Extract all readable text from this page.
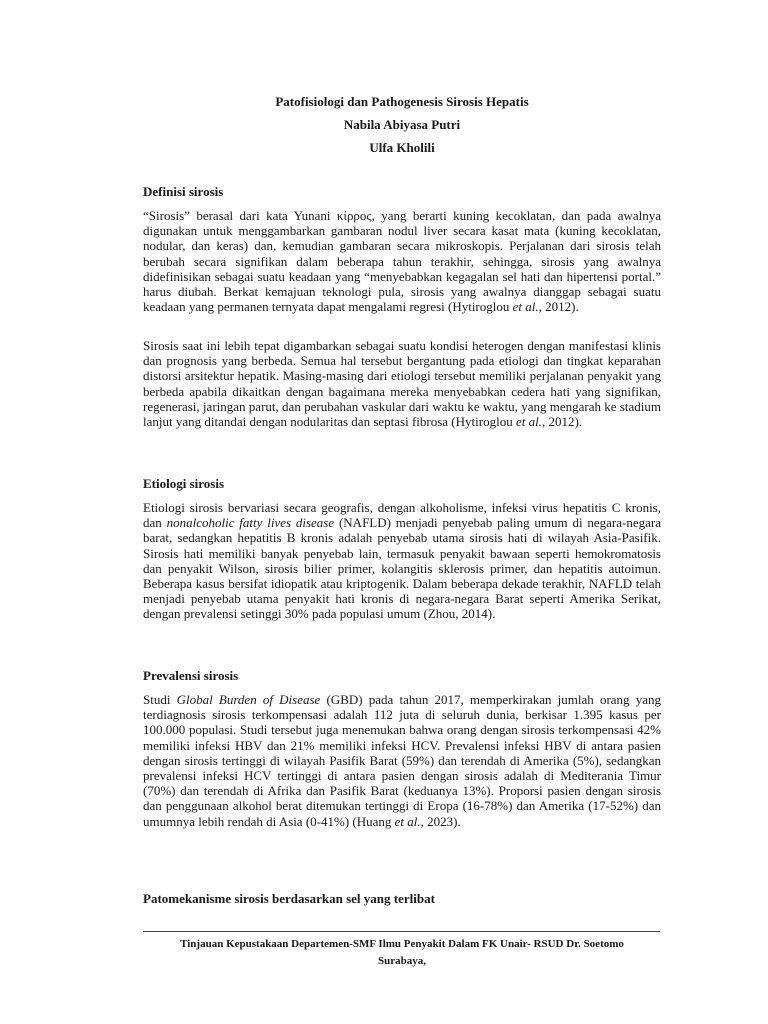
Patofisiologi dan Pathogenesis Sirosis Hepatis
Nabila Abiyasa Putri
Ulfa Kholili
Definisi sirosis

“Sirosis” berasal dari kata Yunani κίρρος, yang berarti kuning kecoklatan, dan pada awalnya digunakan untuk menggambarkan gambaran nodul liver secara kasat mata (kuning kecoklatan, nodular, dan keras) dan, kemudian gambaran secara mikroskopis. Perjalanan dari sirosis telah berubah secara signifikan dalam beberapa tahun terakhir, sehingga, sirosis yang awalnya didefinisikan sebagai suatu keadaan yang “menyebabkan kegagalan sel hati dan hipertensi portal.” harus diubah. Berkat kemajuan teknologi pula, sirosis yang awalnya dianggap sebagai suatu keadaan yang permanen ternyata dapat mengalami regresi (Hytiroglou et al., 2012).

Sirosis saat ini lebih tepat digambarkan sebagai suatu kondisi heterogen dengan manifestasi klinis dan prognosis yang berbeda. Semua hal tersebut bergantung pada etiologi dan tingkat keparahan distorsi arsitektur hepatik. Masing-masing dari etiologi tersebut memiliki perjalanan penyakit yang berbeda apabila dikaitkan dengan bagaimana mereka menyebabkan cedera hati yang signifikan, regenerasi, jaringan parut, dan perubahan vaskular dari waktu ke waktu, yang mengarah ke stadium lanjut yang ditandai dengan nodularitas dan septasi fibrosa (Hytiroglou et al., 2012).

Etiologi sirosis

Etiologi sirosis bervariasi secara geografis, dengan alkoholisme, infeksi virus hepatitis C kronis, dan nonalcoholic fatty lives disease (NAFLD) menjadi penyebab paling umum di negara-negara barat, sedangkan hepatitis B kronis adalah penyebab utama sirosis hati di wilayah Asia-Pasifik. Sirosis hati memiliki banyak penyebab lain, termasuk penyakit bawaan seperti hemokromatosis dan penyakit Wilson, sirosis bilier primer, kolangitis sklerosis primer, dan hepatitis autoimun. Beberapa kasus bersifat idiopatik atau kriptogenik. Dalam beberapa dekade terakhir, NAFLD telah menjadi penyebab utama penyakit hati kronis di negara-negara Barat seperti Amerika Serikat, dengan prevalensi setinggi 30% pada populasi umum (Zhou, 2014).

Prevalensi sirosis

Studi Global Burden of Disease (GBD) pada tahun 2017, memperkirakan jumlah orang yang terdiagnosis sirosis terkompensasi adalah 112 juta di seluruh dunia, berkisar 1.395 kasus per 100.000 populasi. Studi tersebut juga menemukan bahwa orang dengan sirosis terkompensasi 42% memiliki infeksi HBV dan 21% memiliki infeksi HCV. Prevalensi infeksi HBV di antara pasien dengan sirosis tertinggi di wilayah Pasifik Barat (59%) dan terendah di Amerika (5%), sedangkan prevalensi infeksi HCV tertinggi di antara pasien dengan sirosis adalah di Mediterania Timur (70%) dan terendah di Afrika dan Pasifik Barat (keduanya 13%). Proporsi pasien dengan sirosis dan penggunaan alkohol berat ditemukan tertinggi di Eropa (16-78%) dan Amerika (17-52%) dan umumnya lebih rendah di Asia (0-41%) (Huang et al., 2023).

Patomekanisme sirosis berdasarkan sel yang terlibat
Tinjauan Kepustakaan Departemen-SMF Ilmu Penyakit Dalam FK Unair- RSUD Dr. Soetomo
Surabaya,
